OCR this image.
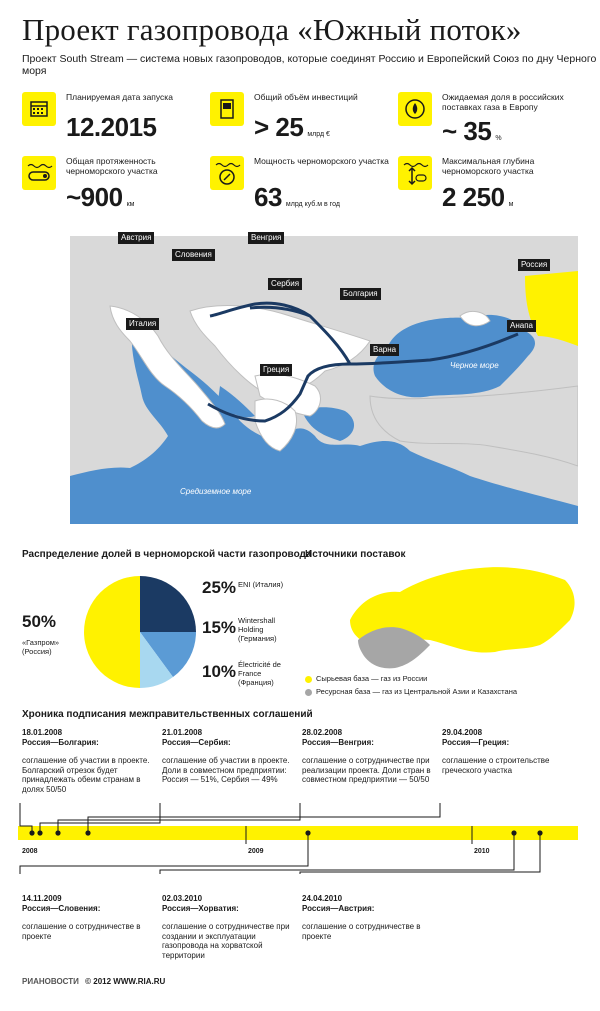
Проект газопровода «Южный поток»
Проект South Stream — система новых газопроводов, которые соединят Россию и Европейский Союз по дну Черного моря
Планируемая дата запуска
12.2015
Общий объём инвестиций
> 25 млрд €
Ожидаемая доля в российских поставках газа в Европу
~ 35 %
Общая протяженность черноморского участка
~900 км
Мощность черноморского участка
63 млрд куб.м в год
Максимальная глубина черноморского участка
2 250 м
Черное море
Средиземное море
Австрия
Словения
Венгрия
Сербия
Болгария
Италия
Греция
Варна
Россия
Анапа
Распределение долей в черноморской части газопровода
50%
«Газпром» (Россия)
25% ENI (Италия)
15% Wintershall Holding (Германия)
10% Électricité de France (Франция)
Источники поставок
Сырьевая база — газ из России
Ресурсная база — газ из Центральной Азии и Казахстана
Хроника подписания межправительственных соглашений
18.01.2008
Россия—Болгария:
соглашение об участии в проекте. Болгарский отрезок будет принадлежать обеим странам в долях 50/50
21.01.2008
Россия—Сербия:
соглашение об участии в проекте. Доли в совместном предприятии: Россия — 51%, Сербия — 49%
28.02.2008
Россия—Венгрия:
соглашение о сотрудничестве при реализации проекта. Доли стран в совместном предприятии — 50/50
29.04.2008
Россия—Греция:
соглашение о строительстве греческого участка
2008	2009	2010
14.11.2009
Россия—Словения:
соглашение о сотрудничестве в проекте
02.03.2010
Россия—Хорватия:
соглашение о сотрудничестве при создании и эксплуатации газопровода на хорватской территории
24.04.2010
Россия—Австрия:
соглашение о сотрудничестве в проекте
РИАНОВОСТИ © 2012 WWW.RIA.RU
